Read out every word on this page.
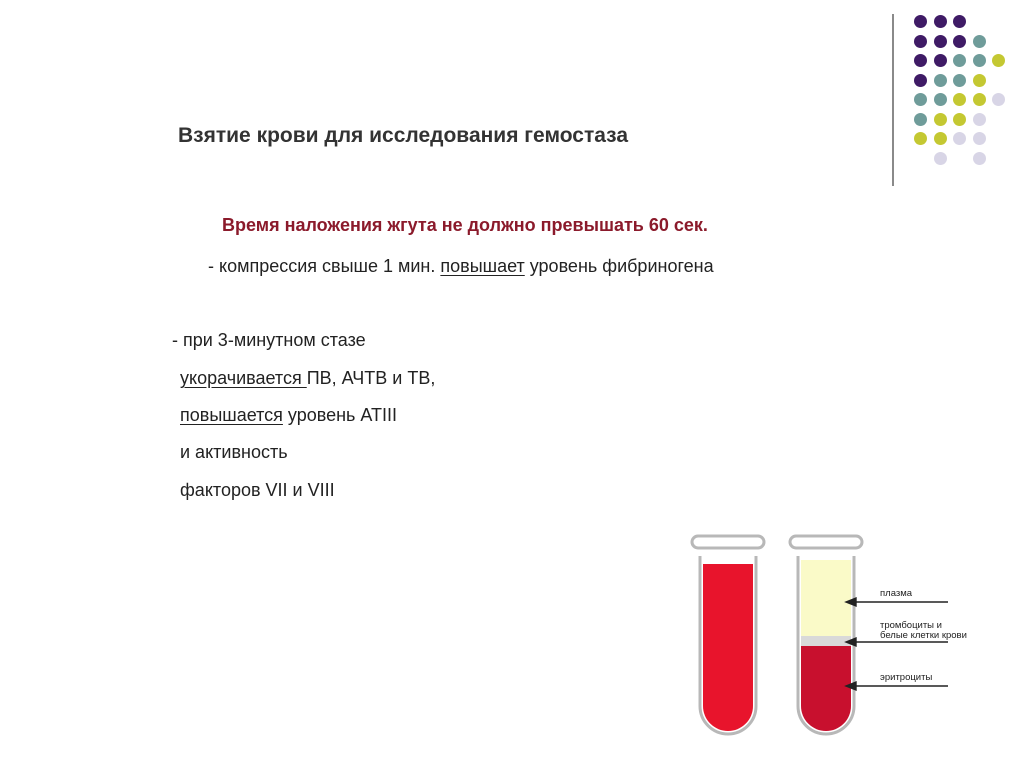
Взятие крови для исследования гемостаза
Время наложения жгута не должно превышать 60 сек.
- компрессия свыше 1 мин. повышает уровень фибриногена
- при 3-минутном стазе
укорачивается ПВ, АЧТВ и ТВ,
повышается уровень АТIII
и активность
факторов VII и VIII
плазма
тромбоциты и
белые клетки крови
эритроциты
